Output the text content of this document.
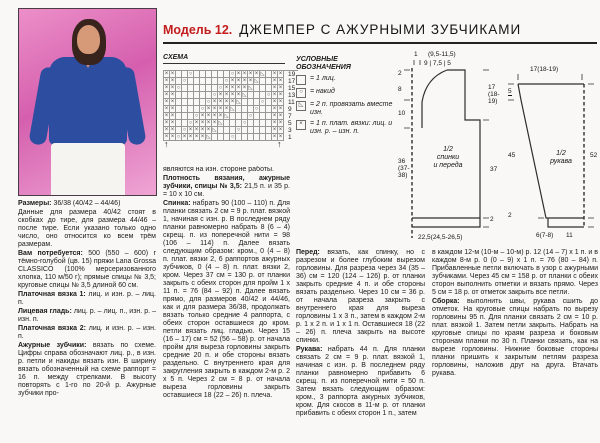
Модель 12. ДЖЕМПЕР С АЖУРНЫМИ ЗУБЧИКАМИ

Размеры: 36/38 (40/42 – 44/46)

Данные для размера 40/42 стоят в скобках до тире, для размера 44/46 – после тире. Если указано только одно число, оно относится ко всем трём размерам.

Вам потребуется: 500 (550 – 600) г тёмно-голубой (цв. 15) пряжи Lana Grossa CLASSICO (100% мерсеризованного хлопка, 110 м/50 г); прямые спицы № 3,5; круговые спицы № 3,5 длиной 60 см.

Платочная вязка 1: лиц. и изн. р. – лиц. п.

Лицевая гладь: лиц. р. – лиц. п., изн. р. – изн. п.

Платочная вязка 2: лиц. и изн. р. – изн. п.

Ажурные зубчики: вязать по схеме. Цифры справа обозначают лиц. р., в изн. р. петли и накиды вязать изн. В ширину вязать обозначенный на схеме раппорт = 16 п. между стрелками. В высоту повторять с 1-го по 20-й р. Ажурные зубчики про-

СХЕМА
× ×	○	○ × × × × ◺ × × 19
× ×	○	○ × × × × ◺ × × 17
× × ○	○ × × × × ◺	× × 15
× ×	○ × × × × ◺	○ × × 13
× ×	○ × × × × ◺	○	× × 11
× ×	○ × × × × ◺	○	× × 9
× ×	○ × × × × ◺	○	× × 7
× ×	○ × × × × ◺	○	× × 5
× ×	○ × × × × ◺	○	× × 3
× × ○ × × × × ◺	○	× × 1
↑	↑

являются на изн. стороне работы.

Плотность вязания, ажурные зубчики, спицы № 3,5: 21,5 п. и 35 р. = 10 x 10 см.

Спинка: набрать 90 (100 – 110) п. Для планки связать 2 см = 9 р. плат. вязкой 1, начиная с изн. р. В последнем ряду планки равномерно набрать 8 (6 – 4) скрещ. п. из поперечной нити = 98 (106 – 114) п. Далее вязать следующим образом: кром., 0 (4 – 8) п. плат. вязки 2, 6 раппортов ажурных зубчиков, 0 (4 – 8) п. плат. вязки 2, кром. Через 37 см = 130 р. от планки закрыть с обеих сторон для пройм 1 x 11 п. = 76 (84 – 92) п. Далее вязать прямо, для размеров 40/42 и 44/46, как и для размера 36/38, продолжать вязать только средние 4 раппорта, с обеих сторон оставшиеся до кром. петли вязать лиц. гладью. Через 15 (16 – 17) см = 52 (56 – 58) р. от начала пройм для выреза горловины закрыть средние 20 п. и обе стороны вязать раздельно. С внутреннего края для закругления закрыть в каждом 2-м р. 2 x 5 п. Через 2 см = 8 р. от начала выреза горловины закрыть оставшиеся 18 (22 – 26) п. плеча.

УСЛОВНЫЕ
ОБОЗНАЧЕНИЯ
= 1 лиц.
○	= накид
◺ = 2 п. провязать вместе изн.
×	= 1 п. плат. вязки: лиц. и изн. р. – изн. п.

Перед: вязать, как спинку, но с разрезом и более глубоким вырезом горловины. Для разреза через 34 (35 – 36) см = 120 (124 – 126) р. от планки закрыть средние 4 п. и обе стороны вязать раздельно. Через 10 см = 36 р. от начала разреза закрыть с внутреннего края для выреза горловины 1 x 3 п., затем в каждом 2-м р. 1 x 2 п. и 1 x 1 п. Оставшиеся 18 (22 – 26) п. плеча закрыть на высоте спинки.

Рукава: набрать 44 п. Для планки связать 2 см = 9 р. плат. вязкой 1, начиная с изн. р. В последнем ряду планки равномерно прибавить 6 скрещ. п. из поперечной нити = 50 п. Затем вязать следующим образом: кром., 3 раппорта ажурных зубчиков, кром. Для скосов в 11-м р. от планки прибавить с обеих сторон 1 п., затем

в каждом 12-м (10-м – 10-м) р. 12 (14 – 7) x 1 п. и в каждом 8-м р. 0 (0 – 9) x 1 п. = 76 (80 – 84) п. Прибавленные петли включать в узор с ажурными зубчиками. Через 45 см = 158 р. от планки с обеих сторон выполнить отметки и вязать прямо. Через 5 см = 18 р. от отметок закрыть все петли.

Сборка: выполнить швы, рукава сшить до отметок. На круговые спицы набрать по вырезу горловины 95 п. Для планки связать 2 см = 10 р. плат. вязкой 1. Затем петли закрыть. Набрать на круговые спицы по краям разреза и боковым сторонам планки по 30 п. Планки связать, как на вырезе горловины. Нижние боковые стороны планки пришить к закрытым петлям разреза горловины, наложив друг на друга. Втачать рукава.

1 (9,5-11,5)
9 | 7,5 | 5
2
8
10
36 (37- 38)
17 (18- 19)
37
2
22,5(24,5-26,5)
1/2
спинки
и переда
17(18-19)
5
45
2
52
6(7-8) 11
1/2
рукава
